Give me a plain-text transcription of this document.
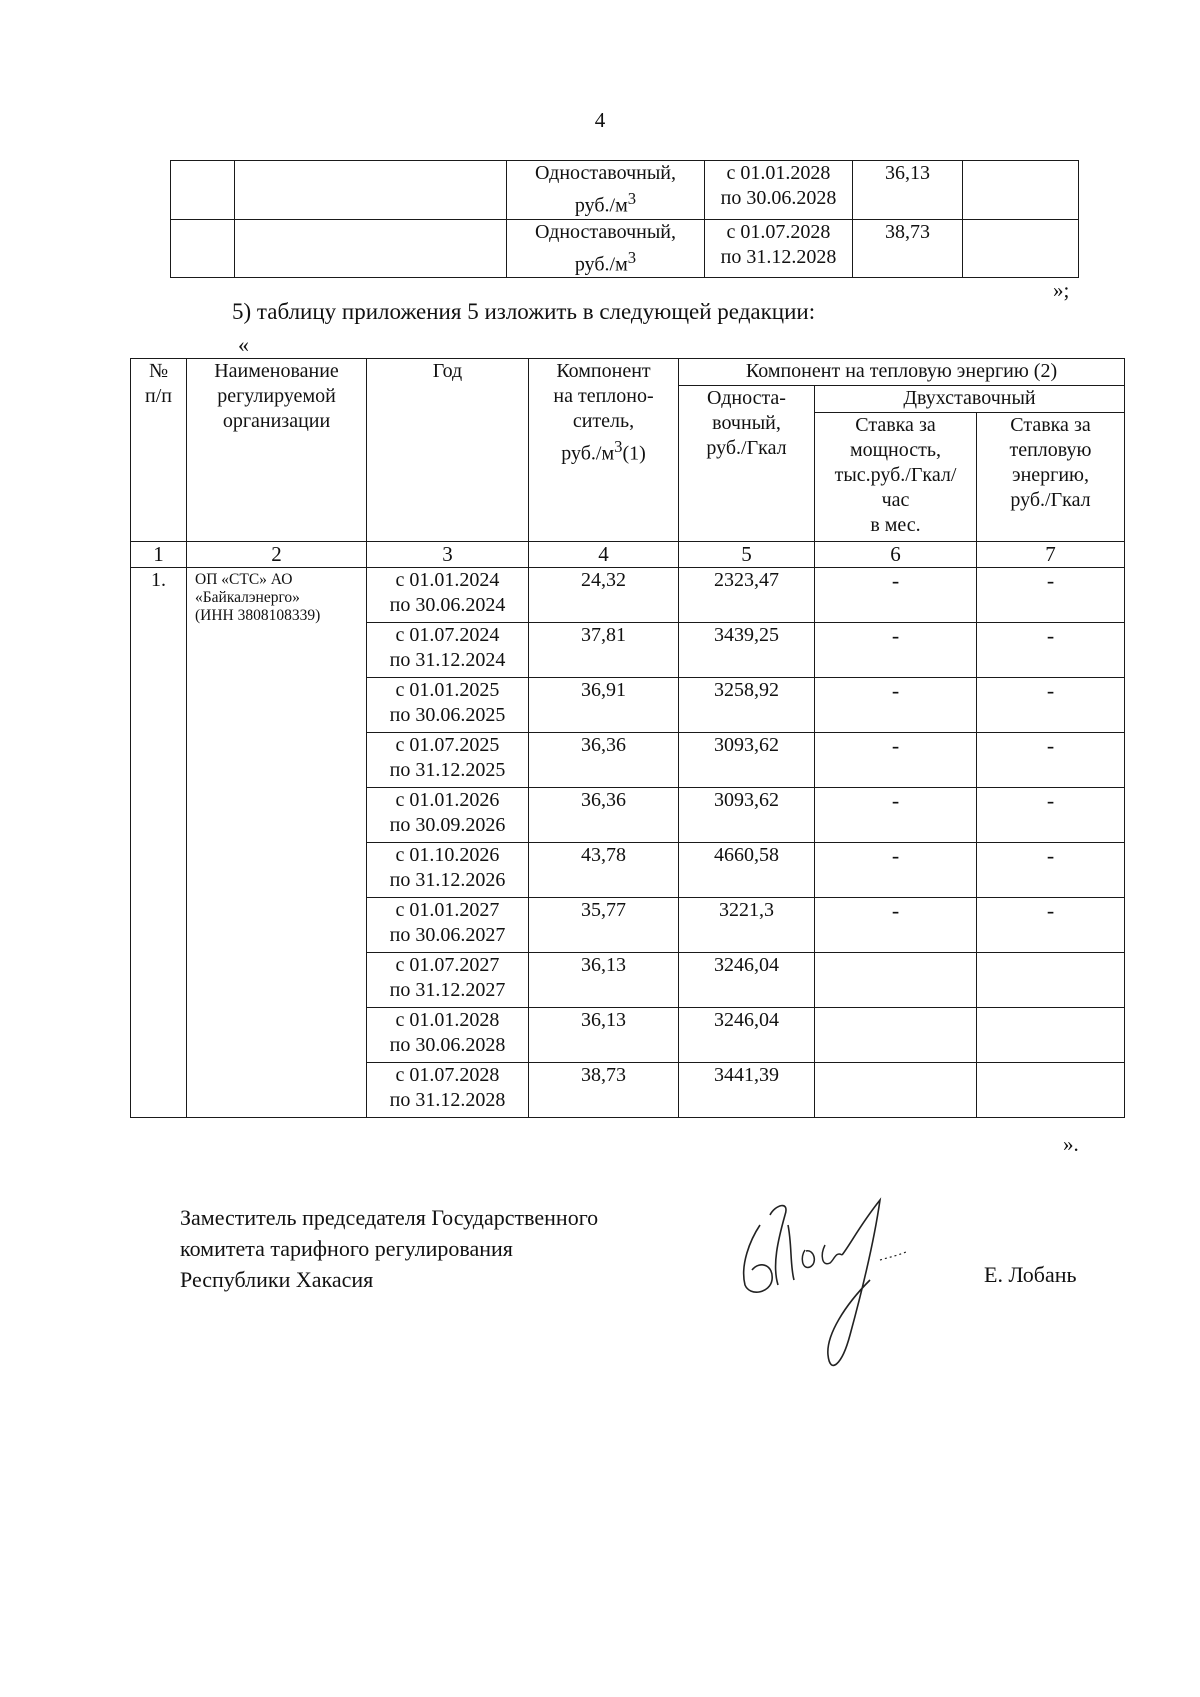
4
		Одноставочный,
$руб./м^3$	с 01.01.2028
по 30.06.2028	36,13	
		Одноставочный,
$руб./м^3$	с 01.07.2028
по 31.12.2028	38,73	
»;
5) таблицу приложения 5 изложить в следующей редакции:
«
№
п/п	Наименование
регулируемой
организации	Год	Компонент
на теплоно-
ситель,
$руб./м^3(1)$	Компонент на тепловую энергию (2)		
				Односта-
вочный,
руб./Гкал	Двухставочный	
					Ставка за
мощность,
тыс.руб./Гкал/
час
в мес.	Ставка за
тепловую
энергию,
руб./Гкал
1	2	3	4	5	6	7
1.	ОП «СТС» АО
«Байкалэнерго»
(ИНН 3808108339)	с 01.01.2024
по 30.06.2024	24,32	2323,47	-	-
		с 01.07.2024
по 31.12.2024	37,81	3439,25	-	-
		с 01.01.2025
по 30.06.2025	36,91	3258,92	-	-
		с 01.07.2025
по 31.12.2025	36,36	3093,62	-	-
		с 01.01.2026
по 30.09.2026	36,36	3093,62	-	-
		с 01.10.2026
по 31.12.2026	43,78	4660,58	-	-
		с 01.01.2027
по 30.06.2027	35,77	3221,3	-	-
		с 01.07.2027
по 31.12.2027	36,13	3246,04		
		с 01.01.2028
по 30.06.2028	36,13	3246,04		
		с 01.07.2028
по 31.12.2028	38,73	3441,39		
».
Заместитель председателя Государственного
комитета тарифного регулирования
Республики Хакасия	Е. Лобань
